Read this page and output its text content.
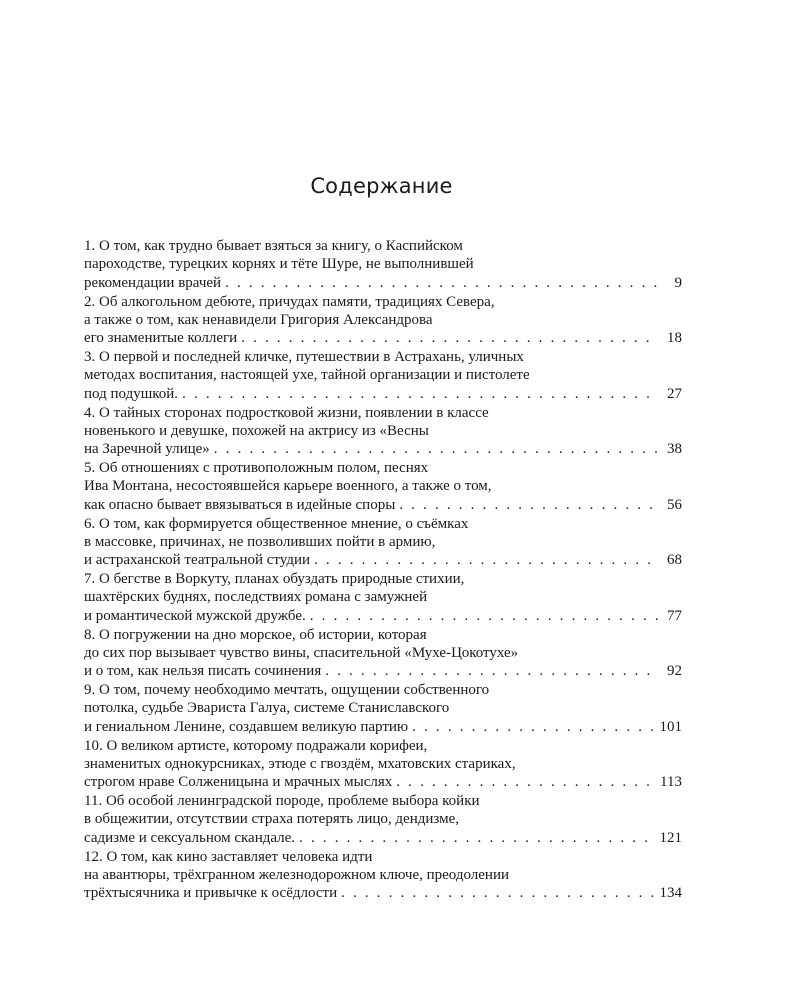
Содержание
1. О том, как трудно бывает взяться за книгу, о Каспийском
пароходстве, турецких корнях и тёте Шуре, не выполнившей
рекомендации врачей . . .	9
2. Об алкогольном дебюте, причудах памяти, традициях Севера,
а также о том, как ненавидели Григория Александрова
его знаменитые коллеги . . .	18
3. О первой и последней кличке, путешествии в Астрахань, уличных
методах воспитания, настоящей ухе, тайной организации и пистолете
под подушкой. . . .	27
4. О тайных сторонах подростковой жизни, появлении в классе
новенького и девушке, похожей на актрису из «Весны
на Заречной улице» . . .	38
5. Об отношениях с противоположным полом, песнях
Ива Монтана, несостоявшейся карьере военного, а также о том,
как опасно бывает ввязываться в идейные споры . . .	56
6. О том, как формируется общественное мнение, о съёмках
в массовке, причинах, не позволивших пойти в армию,
и астраханской театральной студии . . .	68
7. О бегстве в Воркуту, планах обуздать природные стихии,
шахтёрских буднях, последствиях романа с замужней
и романтической мужской дружбе. . . .	77
8. О погружении на дно морское, об истории, которая
до сих пор вызывает чувство вины, спасительной «Мухе-Цокотухе»
и о том, как нельзя писать сочинения . . .	92
9. О том, почему необходимо мечтать, ощущении собственного
потолка, судьбе Эвариста Галуа, системе Станиславского
и гениальном Ленине, создавшем великую партию . . .	101
10. О великом артисте, которому подражали корифеи,
знаменитых однокурсниках, этюде с гвоздём, мхатовских стариках,
строгом нраве Солженицына и мрачных мыслях . . .	113
11. Об особой ленинградской породе, проблеме выбора койки
в общежитии, отсутствии страха потерять лицо, дендизме,
садизме и сексуальном скандале. . . .	121
12. О том, как кино заставляет человека идти
на авантюры, трёхгранном железнодорожном ключе, преодолении
трёхтысячника и привычке к осёдлости . . .	134
